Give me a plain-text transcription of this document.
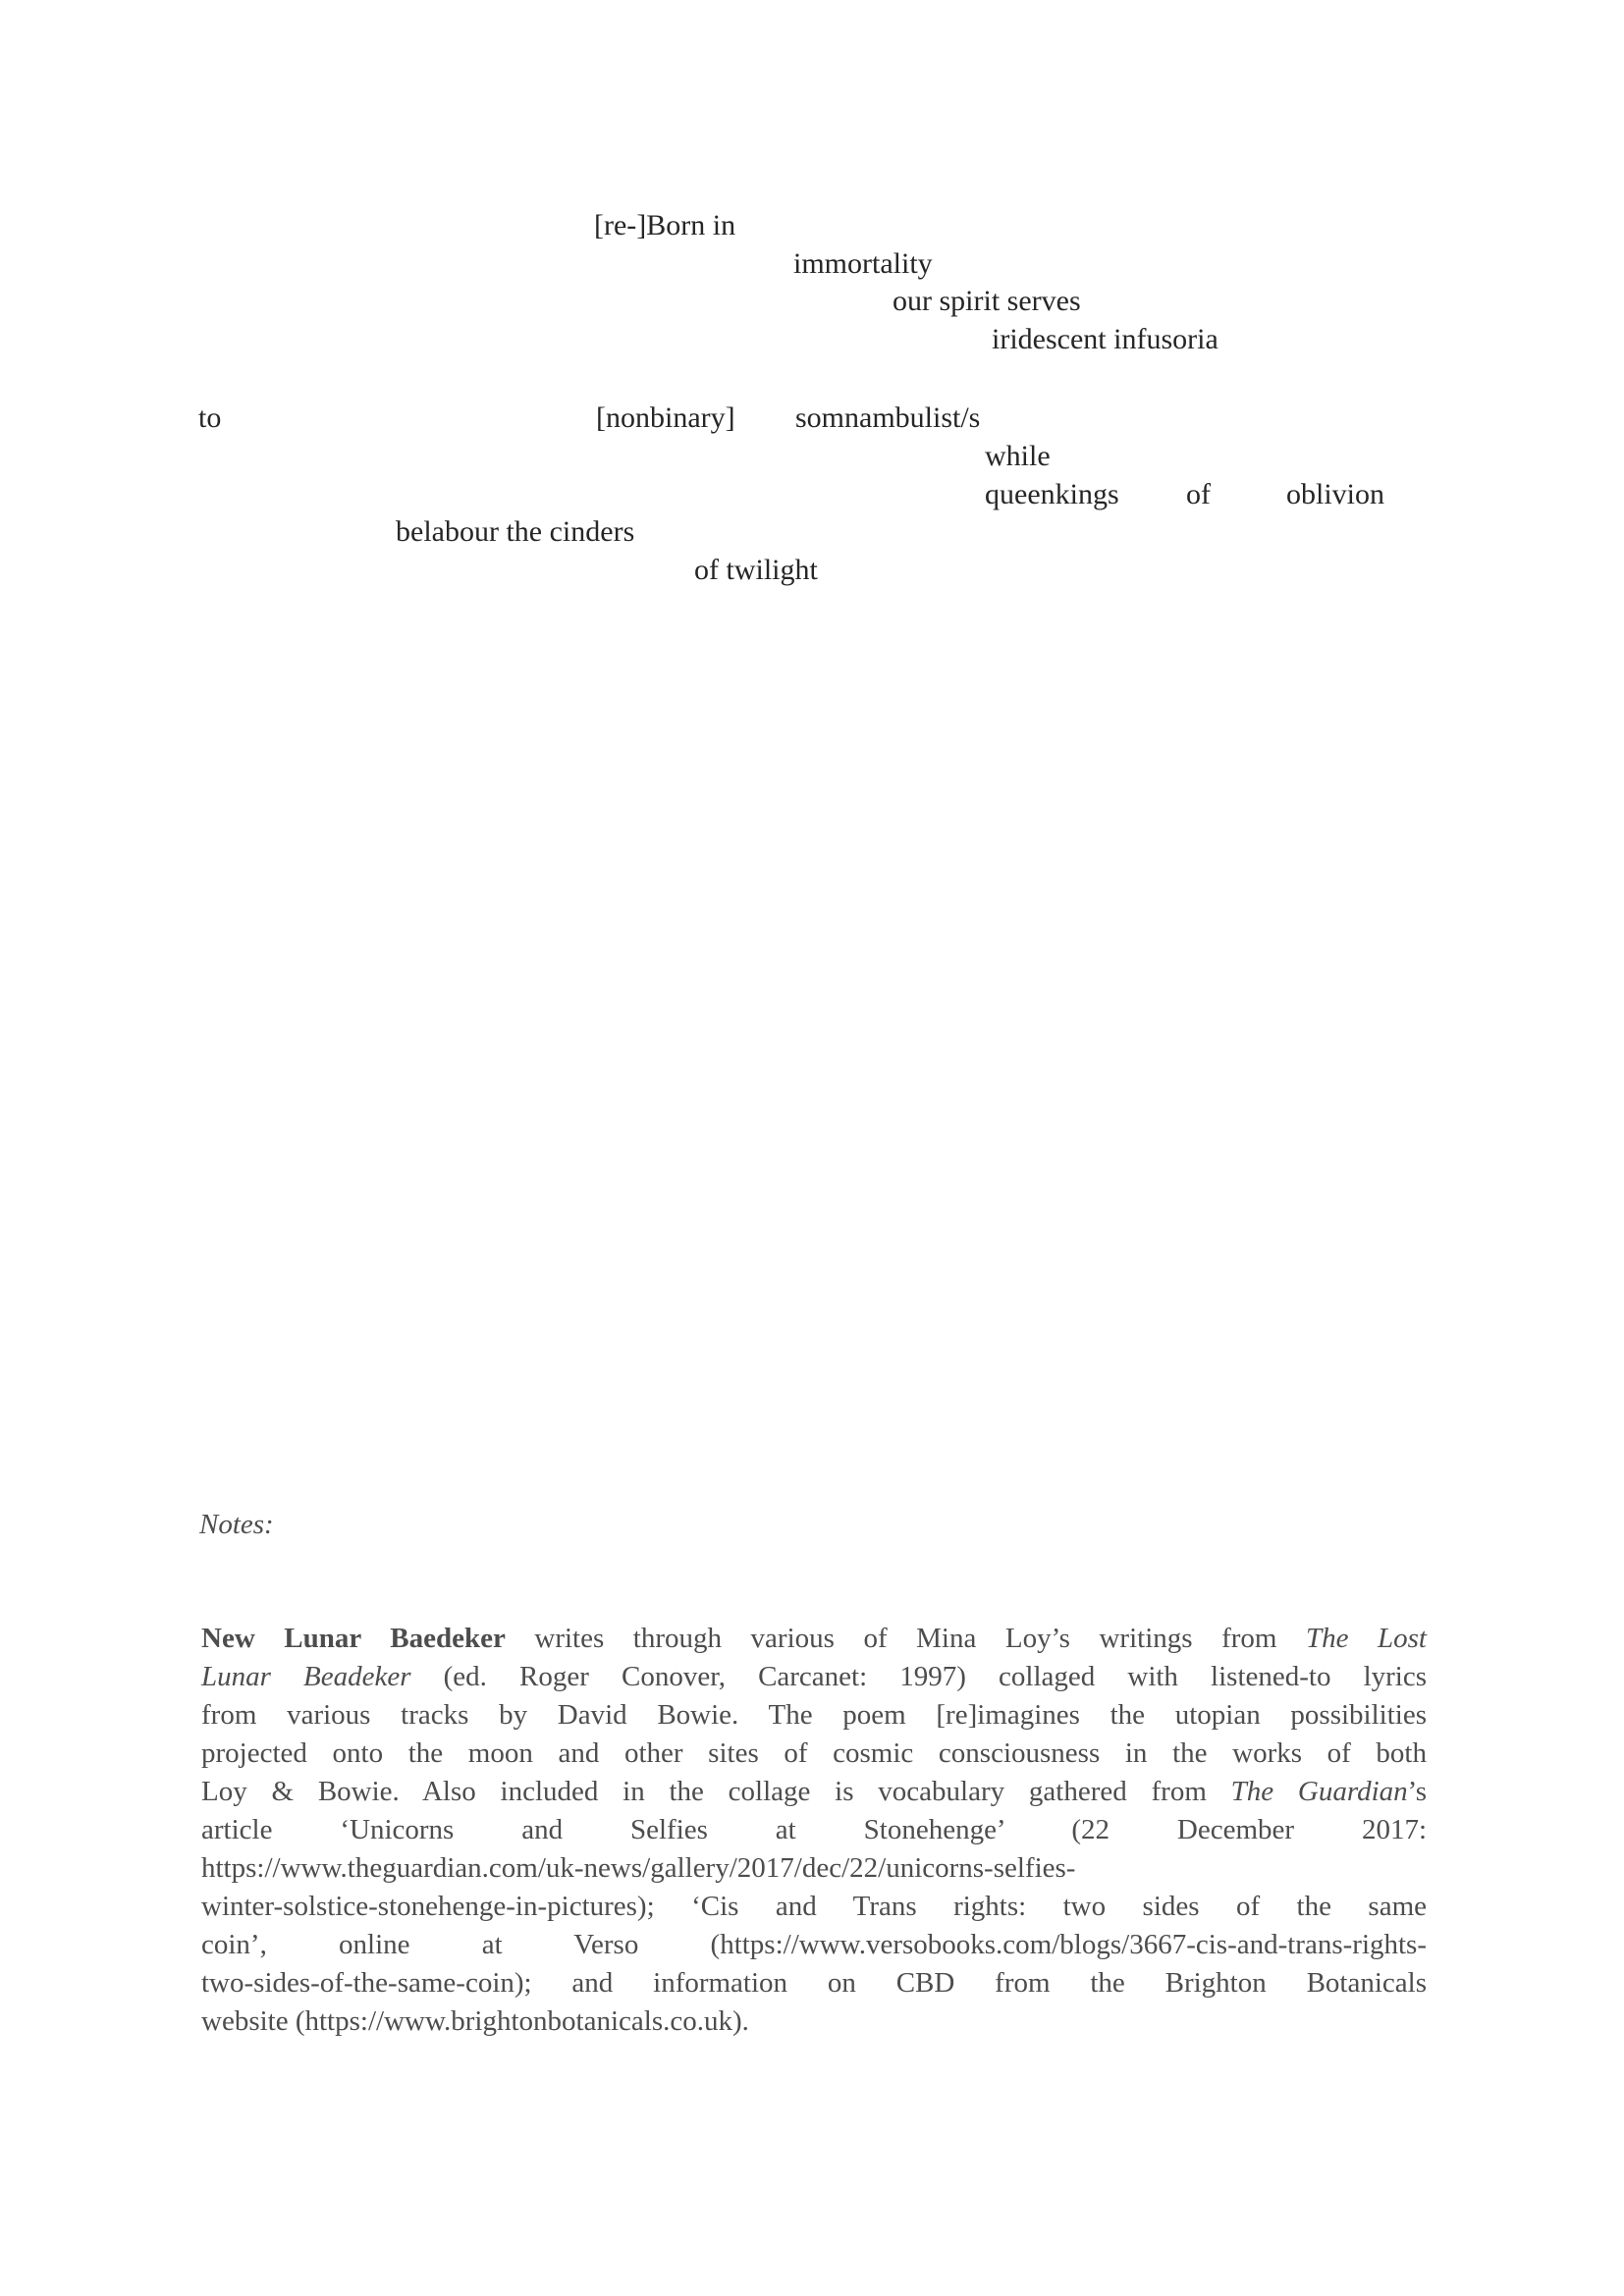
[re-]Born in
immortality
our spirit serves
iridescent infusoria
to	[nonbinary] somnambulist/s
while
queenkings of	oblivion
belabour the cinders
of twilight
Notes:
New Lunar Baedeker writes through various of Mina Loy’s writings from The Lost
Lunar Beadeker (ed. Roger Conover, Carcanet: 1997) collaged with listened-to lyrics
from various tracks by David Bowie. The poem [re]imagines the utopian possibilities
projected onto the moon and other sites of cosmic consciousness in the works of both
Loy & Bowie. Also included in the collage is vocabulary gathered from The Guardian’s
article ‘Unicorns and Selfies at Stonehenge’ (22 December 2017:
https://www.theguardian.com/uk-news/gallery/2017/dec/22/unicorns-selfies-
winter-solstice-stonehenge-in-pictures); ‘Cis and Trans rights: two sides of the same
coin’, online at Verso (https://www.versobooks.com/blogs/3667-cis-and-trans-rights-
two-sides-of-the-same-coin); and information on CBD from the Brighton Botanicals
website (https://www.brightonbotanicals.co.uk).
